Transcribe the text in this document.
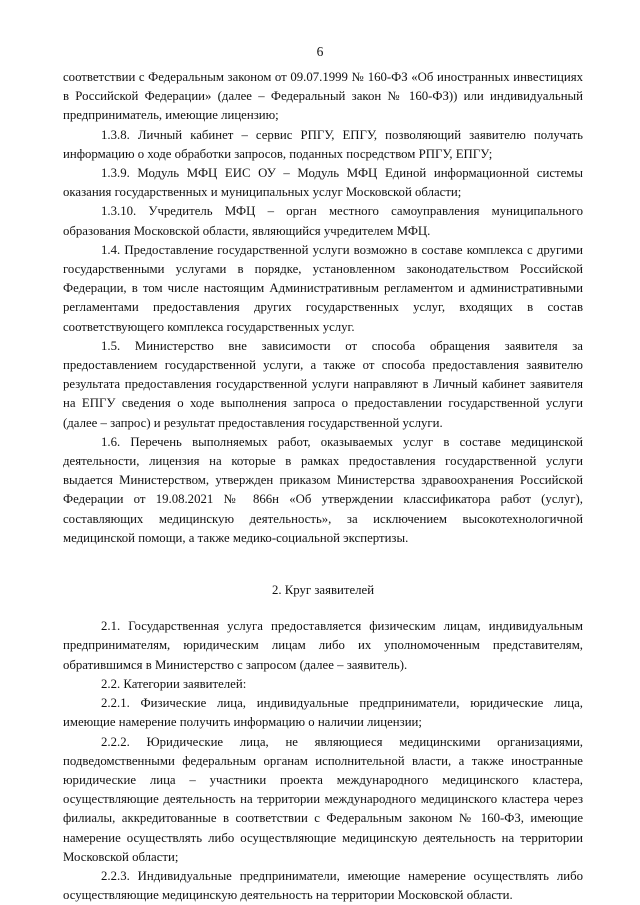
6

соответствии с Федеральным законом от 09.07.1999 № 160-ФЗ «Об иностранных инвестициях в Российской Федерации» (далее – Федеральный закон № 160-ФЗ)) или индивидуальный предприниматель, имеющие лицензию;

1.3.8. Личный кабинет – сервис РПГУ, ЕПГУ, позволяющий заявителю получать информацию о ходе обработки запросов, поданных посредством РПГУ, ЕПГУ;

1.3.9. Модуль МФЦ ЕИС ОУ – Модуль МФЦ Единой информационной системы оказания государственных и муниципальных услуг Московской области;

1.3.10. Учредитель МФЦ – орган местного самоуправления муниципального образования Московской области, являющийся учредителем МФЦ.

1.4. Предоставление государственной услуги возможно в составе комплекса с другими государственными услугами в порядке, установленном законодательством Российской Федерации, в том числе настоящим Административным регламентом и административными регламентами предоставления других государственных услуг, входящих в состав соответствующего комплекса государственных услуг.

1.5. Министерство вне зависимости от способа обращения заявителя за предоставлением государственной услуги, а также от способа предоставления заявителю результата предоставления государственной услуги направляют в Личный кабинет заявителя на ЕПГУ сведения о ходе выполнения запроса о предоставлении государственной услуги (далее – запрос) и результат предоставления государственной услуги.

1.6. Перечень выполняемых работ, оказываемых услуг в составе медицинской деятельности, лицензия на которые в рамках предоставления государственной услуги выдается Министерством, утвержден приказом Министерства здравоохранения Российской Федерации от 19.08.2021 № 866н «Об утверждении классификатора работ (услуг), составляющих медицинскую деятельность», за исключением высокотехнологичной медицинской помощи, а также медико-социальной экспертизы.

2. Круг заявителей

2.1. Государственная услуга предоставляется физическим лицам, индивидуальным предпринимателям, юридическим лицам либо их уполномоченным представителям, обратившимся в Министерство с запросом (далее – заявитель).

2.2. Категории заявителей:

2.2.1. Физические лица, индивидуальные предприниматели, юридические лица, имеющие намерение получить информацию о наличии лицензии;

2.2.2. Юридические лица, не являющиеся медицинскими организациями, подведомственными федеральным органам исполнительной власти, а также иностранные юридические лица – участники проекта международного медицинского кластера, осуществляющие деятельность на территории международного медицинского кластера через филиалы, аккредитованные в соответствии с Федеральным законом № 160-ФЗ, имеющие намерение осуществлять либо осуществляющие медицинскую деятельность на территории Московской области;

2.2.3. Индивидуальные предприниматели, имеющие намерение осуществлять либо осуществляющие медицинскую деятельность на территории Московской области.
